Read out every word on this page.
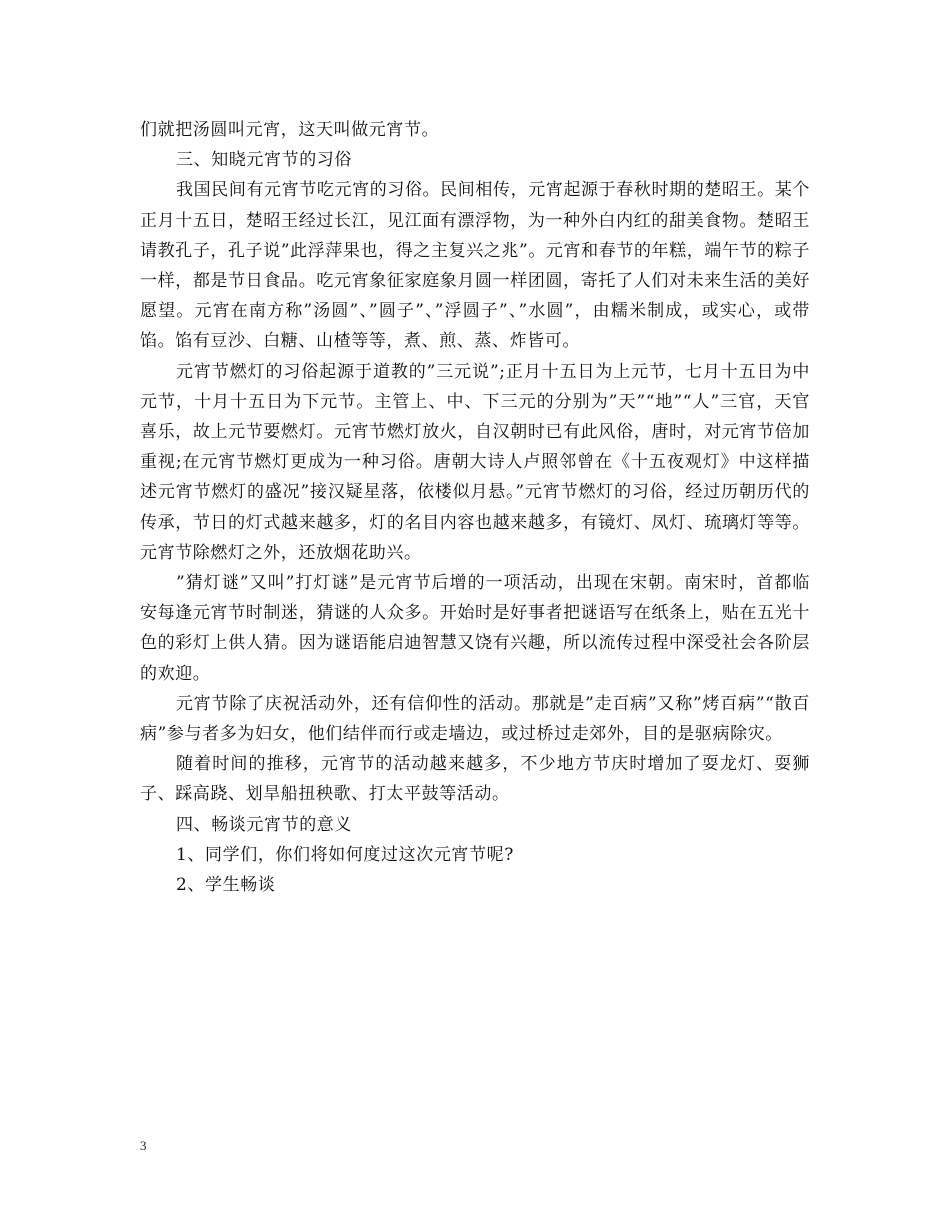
们就把汤圆叫元宵，这天叫做元宵节。

三、知晓元宵节的习俗

我国民间有元宵节吃元宵的习俗。民间相传，元宵起源于春秋时期的楚昭王。某个正月十五日，楚昭王经过长江，见江面有漂浮物，为一种外白内红的甜美食物。楚昭王请教孔子，孔子说”此浮萍果也，得之主复兴之兆”。元宵和春节的年糕，端午节的粽子一样，都是节日食品。吃元宵象征家庭象月圆一样团圆，寄托了人们对未来生活的美好愿望。元宵在南方称”汤圆”、”圆子”、”浮圆子”、”水圆”，由糯米制成，或实心，或带馅。馅有豆沙、白糖、山楂等等，煮、煎、蒸、炸皆可。

元宵节燃灯的习俗起源于道教的”三元说”;正月十五日为上元节，七月十五日为中元节，十月十五日为下元节。主管上、中、下三元的分别为”天”“地”“人”三官，天官喜乐，故上元节要燃灯。元宵节燃灯放火，自汉朝时已有此风俗，唐时，对元宵节倍加重视;在元宵节燃灯更成为一种习俗。唐朝大诗人卢照邻曾在《十五夜观灯》中这样描述元宵节燃灯的盛况”接汉疑星落，依楼似月悬。”元宵节燃灯的习俗，经过历朝历代的传承，节日的灯式越来越多，灯的名目内容也越来越多，有镜灯、凤灯、琉璃灯等等。元宵节除燃灯之外，还放烟花助兴。

”猜灯谜”又叫”打灯谜”是元宵节后增的一项活动，出现在宋朝。南宋时，首都临安每逢元宵节时制迷，猜谜的人众多。开始时是好事者把谜语写在纸条上，贴在五光十色的彩灯上供人猜。因为谜语能启迪智慧又饶有兴趣，所以流传过程中深受社会各阶层的欢迎。

元宵节除了庆祝活动外，还有信仰性的活动。那就是”走百病”又称”烤百病”“散百病”参与者多为妇女，他们结伴而行或走墙边，或过桥过走郊外，目的是驱病除灾。

随着时间的推移，元宵节的活动越来越多，不少地方节庆时增加了耍龙灯、耍狮子、踩高跷、划旱船扭秧歌、打太平鼓等活动。

四、畅谈元宵节的意义

1、同学们，你们将如何度过这次元宵节呢?

2、学生畅谈

3
